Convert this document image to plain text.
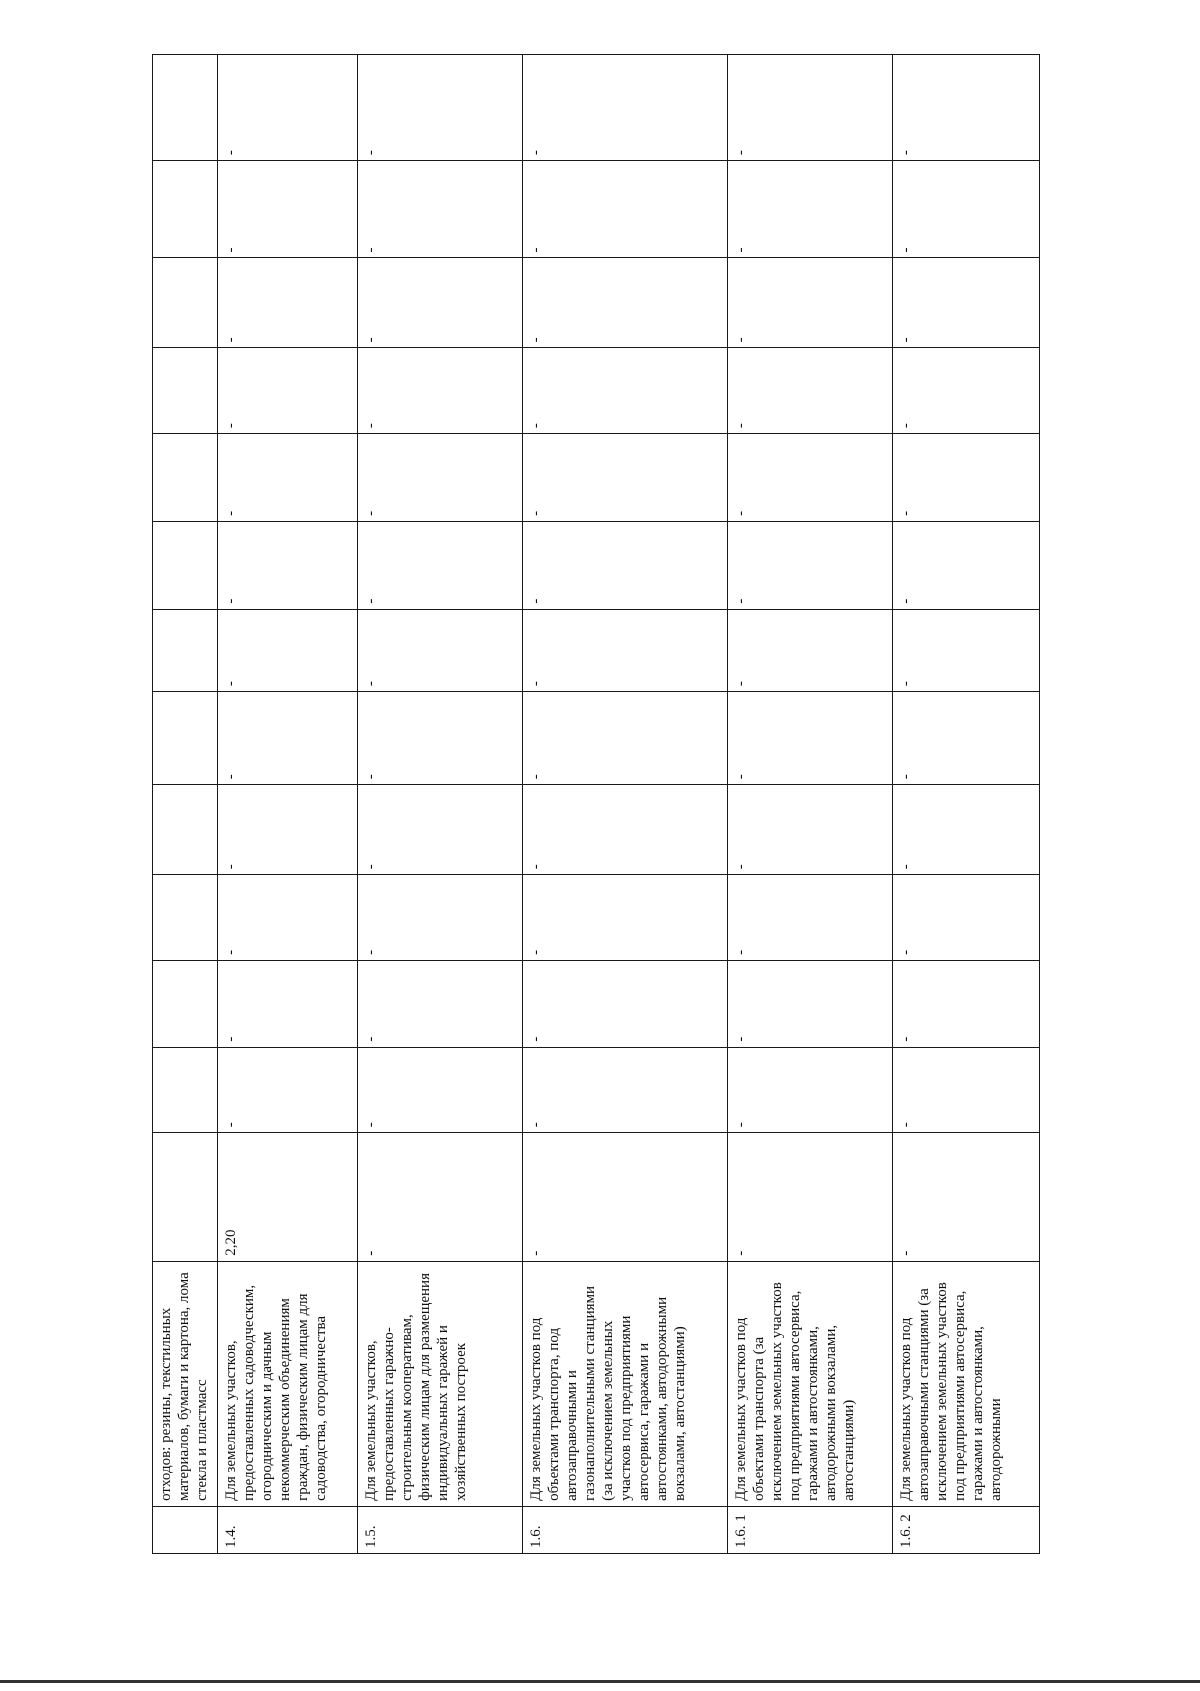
	отходов: резины, текстильных материалов, бумаги и картона, лома стекла и пластмасс													
1.4.	Для земельных участков, предоставленных садоводческим, огородническим и дачным некоммерческим объединениям граждан, физическим лицам для садоводства, огородничества	2,20	-	-	-	-	-	-	-	-	-	-	-	-
1.5.	Для земельных участков, предоставленных гаражно-строительным кооперативам, физическим лицам для размещения индивидуальных гаражей и хозяйственных построек	-	-	-	-	-	-	-	-	-	-	-	-	-
1.6.	Для земельных участков под объектами транспорта, под автозаправочными и газонаполнительными станциями (за исключением земельных участков под предприятиями автосервиса, гаражами и автостоянками, автодорожными вокзалами, автостанциями)	-	-	-	-	-	-	-	-	-	-	-	-	-
1.6. 1	Для земельных участков под объектами транспорта (за исключением земельных участков под предприятиями автосервиса, гаражами и автостоянками, автодорожными вокзалами, автостанциями)	-	-	-	-	-	-	-	-	-	-	-	-	-
1.6. 2	Для земельных участков под автозаправочными станциями (за исключением земельных участков под предприятиями автосервиса, гаражами и автостоянками, автодорожными	-	-	-	-	-	-	-	-	-	-	-	-	-
